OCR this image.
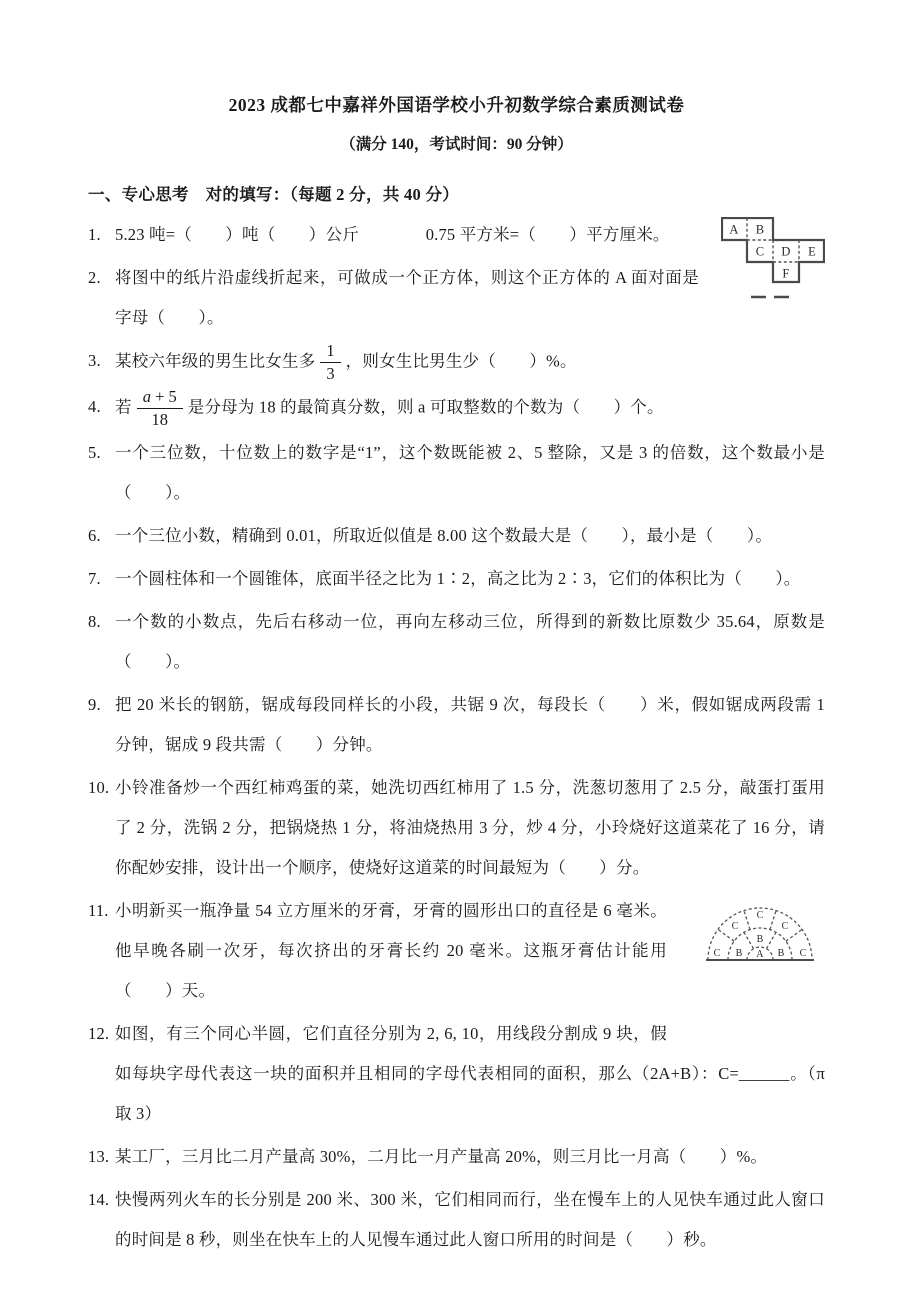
2023 成都七中嘉祥外国语学校小升初数学综合素质测试卷
（满分 140，考试时间：90 分钟）
一、专心思考　对的填写：（每题 2 分，共 40 分）
1.	A B
C D E
F
5.23 吨=（　　）吨（　　）公斤　　　　0.75 平方米=（　　）平方厘米。
2. 将图中的纸片沿虚线折起来，可做成一个正方体，则这个正方体的 A 面对面是字母（　　）。
3. 某校六年级的男生比女生多 $\frac{1}{3}$ ，则女生比男生少（　　）%。
4. 若 $\frac{a + 5}{18}$ 是分母为 18 的最简真分数，则 a 可取整数的个数为（　　）个。
5. 一个三位数，十位数上的数字是“1”，这个数既能被 2、5 整除，又是 3 的倍数，这个数最小是（　　）。
6. 一个三位小数，精确到 0.01，所取近似值是 8.00 这个数最大是（　　），最小是（　　）。
7. 一个圆柱体和一个圆锥体，底面半径之比为 1∶2，高之比为 2∶3，它们的体积比为（　　）。
8. 一个数的小数点，先后右移动一位，再向左移动三位，所得到的新数比原数少 35.64，原数是（　　）。
9. 把 20 米长的钢筋，锯成每段同样长的小段，共锯 9 次，每段长（　　）米，假如锯成两段需 1 分钟，锯成 9 段共需（　　）分钟。
10. 小铃准备炒一个西红柿鸡蛋的菜，她洗切西红柿用了 1.5 分，洗葱切葱用了 2.5 分，敲蛋打蛋用了 2 分，洗锅 2 分，把锅烧热 1 分，将油烧热用 3 分，炒 4 分，小玲烧好这道菜花了 16 分，请你配妙安排，设计出一个顺序，使烧好这道菜的时间最短为（　　）分。
11.
A
B
B
B
C
C
C
C
C
小明新买一瓶净量 54 立方厘米的牙膏，牙膏的圆形出口的直径是 6 毫米。他早晚各刷一次牙，每次挤出的牙膏长约 20 毫米。这瓶牙膏估计能用（　　）天。
12. 如图，有三个同心半圆，它们直径分别为 2, 6, 10，用线段分割成 9 块，假如每块字母代表这一块的面积并且相同的字母代表相同的面积，那么（2A+B）：C=______。（π 取 3）
13. 某工厂，三月比二月产量高 30%，二月比一月产量高 20%，则三月比一月高（　　）%。
14. 快慢两列火车的长分别是 200 米、300 米，它们相同而行，坐在慢车上的人见快车通过此人窗口的时间是 8 秒，则坐在快车上的人见慢车通过此人窗口所用的时间是（　　）秒。
